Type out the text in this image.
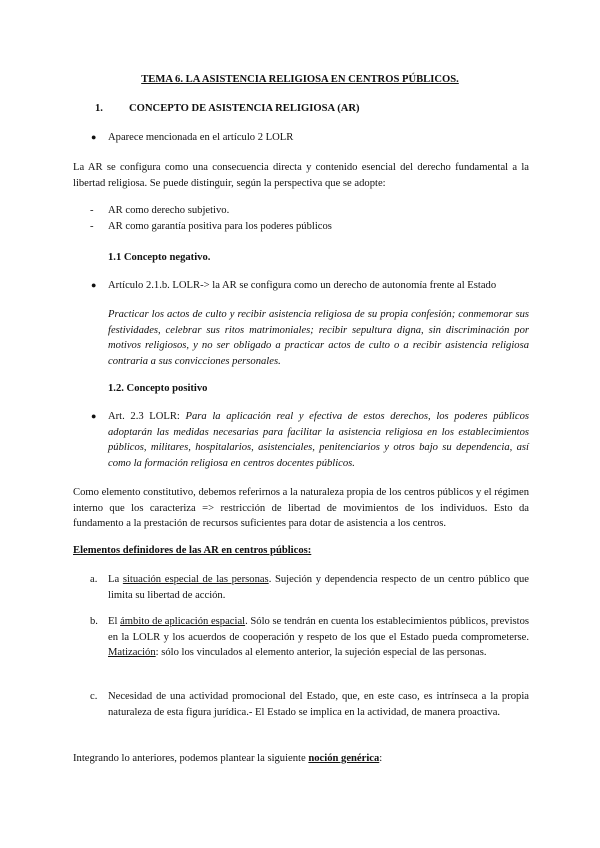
TEMA 6. LA ASISTENCIA RELIGIOSA EN CENTROS PÚBLICOS.
1. CONCEPTO DE ASISTENCIA RELIGIOSA (AR)
● Aparece mencionada en el artículo 2 LOLR

La AR se configura como una consecuencia directa y contenido esencial del derecho fundamental a la libertad religiosa. Se puede distinguir, según la perspectiva que se adopte:

- AR como derecho subjetivo.
- AR como garantía positiva para los poderes públicos
1.1 Concepto negativo.
● Artículo 2.1.b. LOLR-> la AR se configura como un derecho de autonomía frente al Estado

Practicar los actos de culto y recibir asistencia religiosa de su propia confesión; conmemorar sus festividades, celebrar sus ritos matrimoniales; recibir sepultura digna, sin discriminación por motivos religiosos, y no ser obligado a practicar actos de culto o a recibir asistencia religiosa contraria a sus convicciones personales.

1.2. Concepto positivo
● Art. 2.3 LOLR: Para la aplicación real y efectiva de estos derechos, los poderes públicos adoptarán las medidas necesarias para facilitar la asistencia religiosa en los establecimientos públicos, militares, hospitalarios, asistenciales, penitenciarios y otros bajo su dependencia, así como la formación religiosa en centros docentes públicos.

Como elemento constitutivo, debemos referirnos a la naturaleza propia de los centros públicos y el régimen interno que los caracteriza => restricción de libertad de movimientos de los individuos. Esto da fundamento a la prestación de recursos suficientes para dotar de asistencia a los centros.

Elementos definidores de las AR en centros públicos:
a. La situación especial de las personas. Sujeción y dependencia respecto de un centro público que limita su libertad de acción.

b. El ámbito de aplicación espacial. Sólo se tendrán en cuenta los establecimientos públicos, previstos en la LOLR y los acuerdos de cooperación y respeto de los que el Estado pueda comprometerse. Matización: sólo los vinculados al elemento anterior, la sujeción especial de las personas.

c. Necesidad de una actividad promocional del Estado, que, en este caso, es intrínseca a la propia naturaleza de esta figura jurídica.- El Estado se implica en la actividad, de manera proactiva.

Integrando lo anteriores, podemos plantear la siguiente noción genérica:
